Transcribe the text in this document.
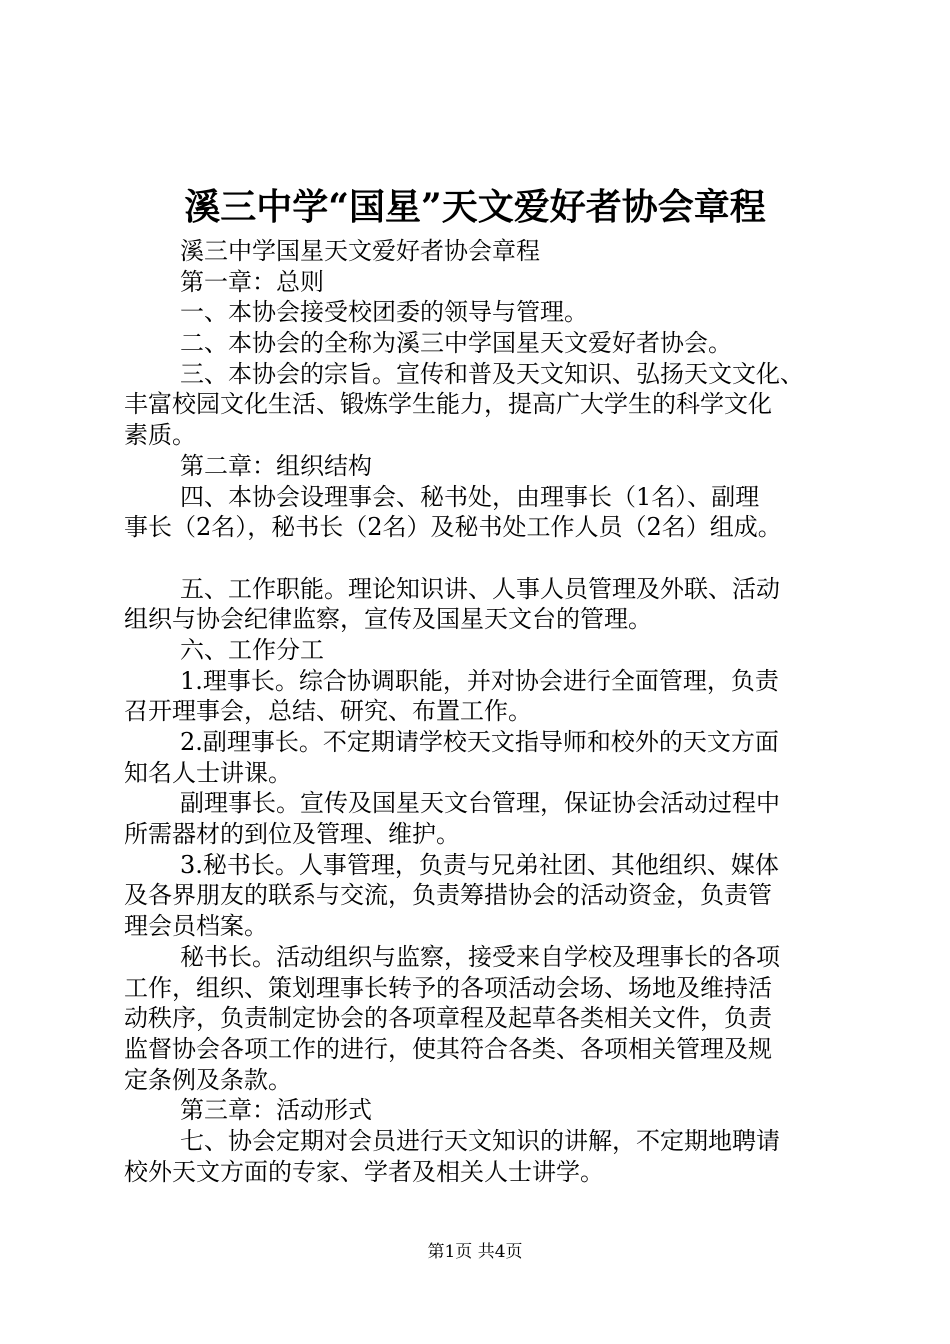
溪三中学“国星”天文爱好者协会章程
溪三中学国星天文爱好者协会章程
第一章：总则
一、本协会接受校团委的领导与管理。
二、本协会的全称为溪三中学国星天文爱好者协会。
三、本协会的宗旨。宣传和普及天文知识、弘扬天文文化、
丰富校园文化生活、锻炼学生能力，提高广大学生的科学文化
素质。
第二章：组织结构
四、本协会设理事会、秘书处，由理事长（1名）、副理
事长（2名），秘书长（2名）及秘书处工作人员（2名）组成。
五、工作职能。理论知识讲、人事人员管理及外联、活动
组织与协会纪律监察，宣传及国星天文台的管理。
六、工作分工
1.理事长。综合协调职能，并对协会进行全面管理，负责
召开理事会，总结、研究、布置工作。
2.副理事长。不定期请学校天文指导师和校外的天文方面
知名人士讲课。
副理事长。宣传及国星天文台管理，保证协会活动过程中
所需器材的到位及管理、维护。
3.秘书长。人事管理，负责与兄弟社团、其他组织、媒体
及各界朋友的联系与交流，负责筹措协会的活动资金，负责管
理会员档案。
秘书长。活动组织与监察，接受来自学校及理事长的各项
工作，组织、策划理事长转予的各项活动会场、场地及维持活
动秩序，负责制定协会的各项章程及起草各类相关文件，负责
监督协会各项工作的进行，使其符合各类、各项相关管理及规
定条例及条款。
第三章：活动形式
七、协会定期对会员进行天文知识的讲解，不定期地聘请
校外天文方面的专家、学者及相关人士讲学。
第1页 共4页
